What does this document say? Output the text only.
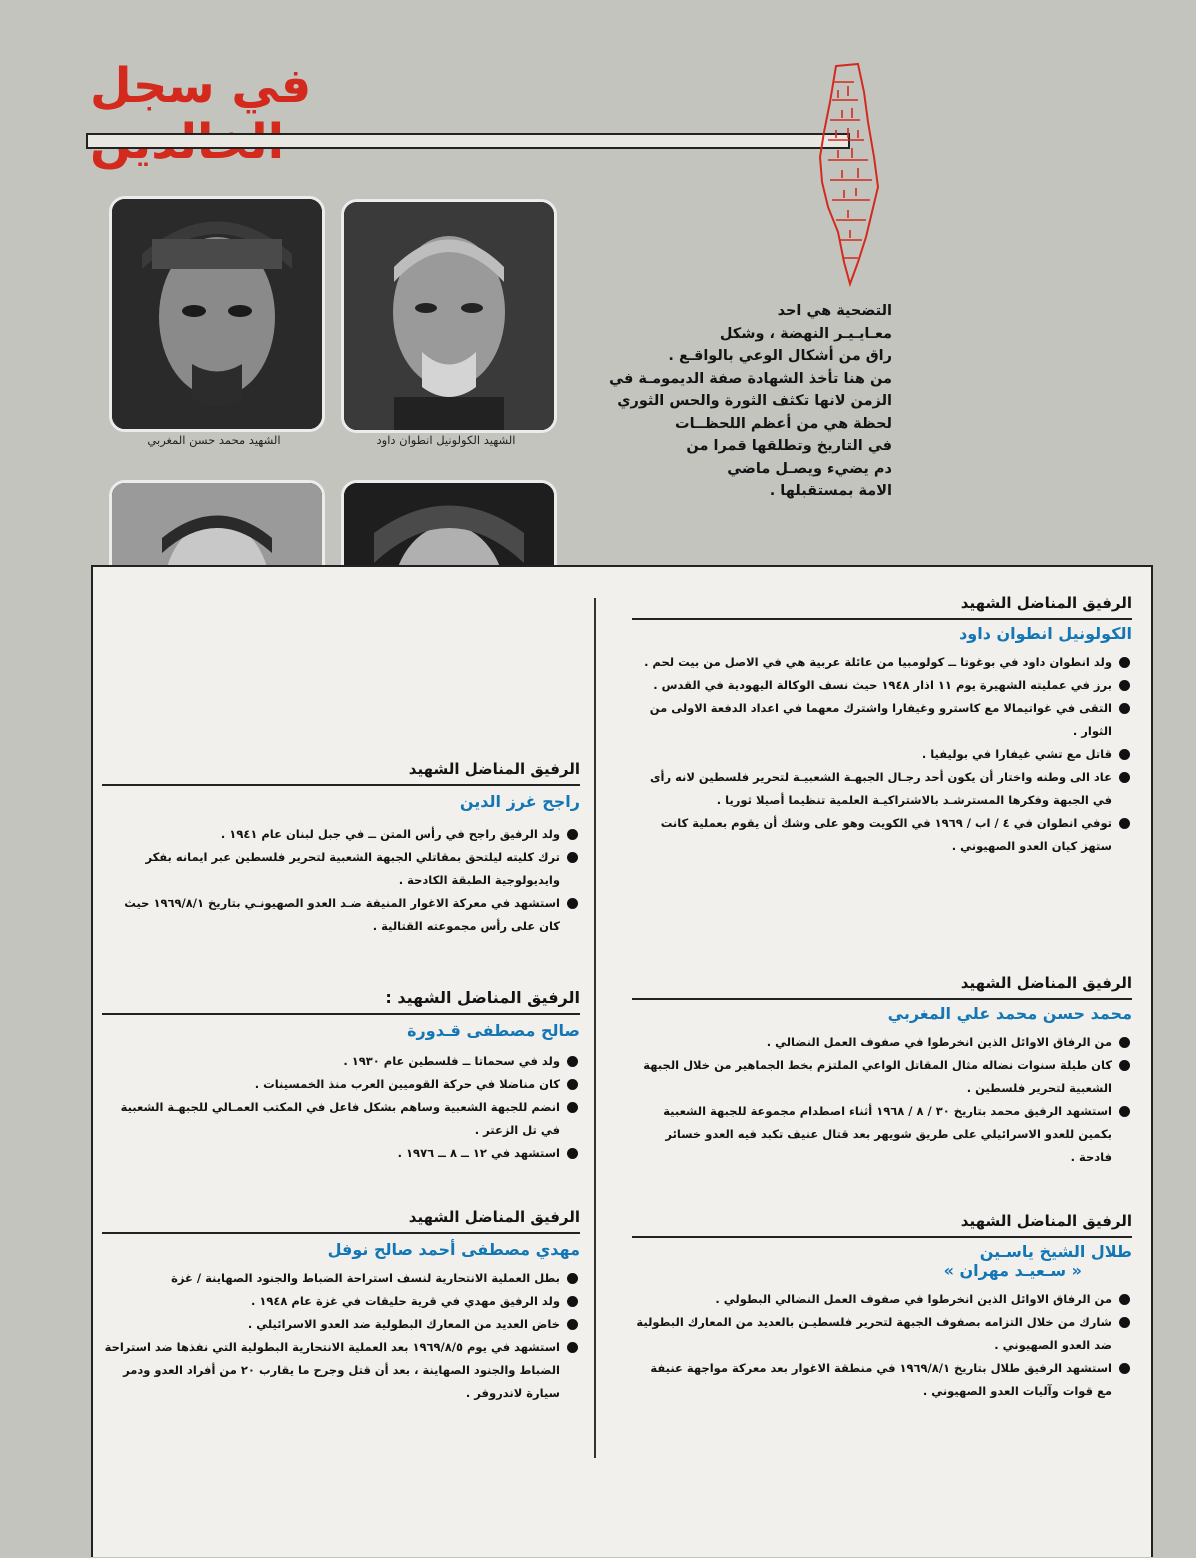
في سجل
التضحية هي احد
معـايـيـر النهضة ، وشكل
راق من أشكال الوعي بالواقـع .
من هنا تأخذ الشهادة صفة الديمومـة في
الزمن لانها تكثف الثورة والحس الثوري
لحظة هي من أعظم اللحظــات
في التاريخ وتطلقها قمرا من
دم يضيء ويصـل ماضي
الامة بمستقبلها .
الشهيد محمد حسن المغربي	الشهيد الكولونيل انطوان داود
الرفيق المناضل الشهيد
الكولونيل انطوان داود
ولد انطوان داود في بوغوتا ــ كولومبيا من عائلة عربية هي في الاصل من بيت لحم .
برز في عمليته الشهيرة يوم ١١ اذار ١٩٤٨ حيث نسف الوكالة اليهودية في القدس .
التقى في غواتيمالا مع كاسترو وغيفارا واشترك معهما في اعداد الدفعة الاولى من الثوار .
قاتل مع تشي غيفارا في بوليفيا .
عاد الى وطنه واختار أن يكون أحد رجـال الجبهـة الشعبيـة لتحرير فلسطين لانه رأى في الجبهة وفكرها المسترشـد بالاشتراكيـة العلمية تنظيما أصيلا ثوريا .
توفي انطوان في ٤ / اب / ١٩٦٩ في الكويت وهو على وشك أن يقوم بعملية كانت ستهز كيان العدو الصهيوني .
الرفيق المناضل الشهيد
محمد حسن محمد علي المغربي
من الرفاق الاوائل الذين انخرطوا في صفوف العمل النضالي .
كان طيلة سنوات نضاله مثال المقاتل الواعي الملتزم بخط الجماهير من خلال الجبهة الشعبية لتحرير فلسطين .
استشهد الرفيق محمد بتاريخ ٣٠ / ٨ / ١٩٦٨ أثناء اصطدام مجموعة للجبهة الشعبية بكمين للعدو الاسرائيلي على طريق شويهر بعد قتال عنيف تكبد فيه العدو خسائر فادحة .
الرفيق المناضل الشهيد
طلال الشيخ ياسـين
« سـعيـد مهران »
من الرفاق الاوائل الذين انخرطوا في صفوف العمل النضالي البطولي .
شارك من خلال التزامه بصفوف الجبهة لتحرير فلسطيـن بالعديد من المعارك البطولية ضد العدو الصهيوني .
استشهد الرفيق طلال بتاريخ ١٩٦٩/٨/١ في منطقة الاغوار بعد معركة مواجهة عنيفة مع قوات وآليات العدو الصهيوني .
الرفيق المناضل الشهيد
راجح غرز الدين
ولد الرفيق راجح في رأس المتن ــ في جبل لبنان عام ١٩٤١ .
ترك كليته ليلتحق بمقاتلي الجبهة الشعبية لتحرير فلسطين عبر ايمانه بفكر وايديولوجية الطبقة الكادحة .
استشهد في معركة الاغوار المنيفة ضـد العدو الصهيونـي بتاريخ ١٩٦٩/٨/١ حيث كان على رأس مجموعته القتالية .
الرفيق المناضل الشهيد :
صالح مصطفى قـدورة
ولد في سحماتا ــ فلسطين عام ١٩٣٠ .
كان مناضلا في حركة القوميين العرب منذ الخمسينات .
انضم للجبهة الشعبية وساهم بشكل فاعل في المكتب العمـالي للجبهـة الشعبية في تل الزعتر .
استشهد في ١٢ ــ ٨ ــ ١٩٧٦ .
الرفيق المناضل الشهيد
مهدي مصطفى أحمد صالح نوفل
بطل العملية الانتحارية لنسف استراحة الضباط والجنود الصهاينة / غزة
ولد الرفيق مهدي في قرية حليقات في غزة عام ١٩٤٨ .
خاض العديد من المعارك البطولية ضد العدو الاسرائيلي .
استشهد في يوم ١٩٦٩/٨/٥ بعد العملية الانتحارية البطولية التي نفذها ضد استراحة الضباط والجنود الصهاينة ، بعد أن قتل وجرح ما يقارب ٢٠ من أفراد العدو ودمر سيارة لاندروفر .
